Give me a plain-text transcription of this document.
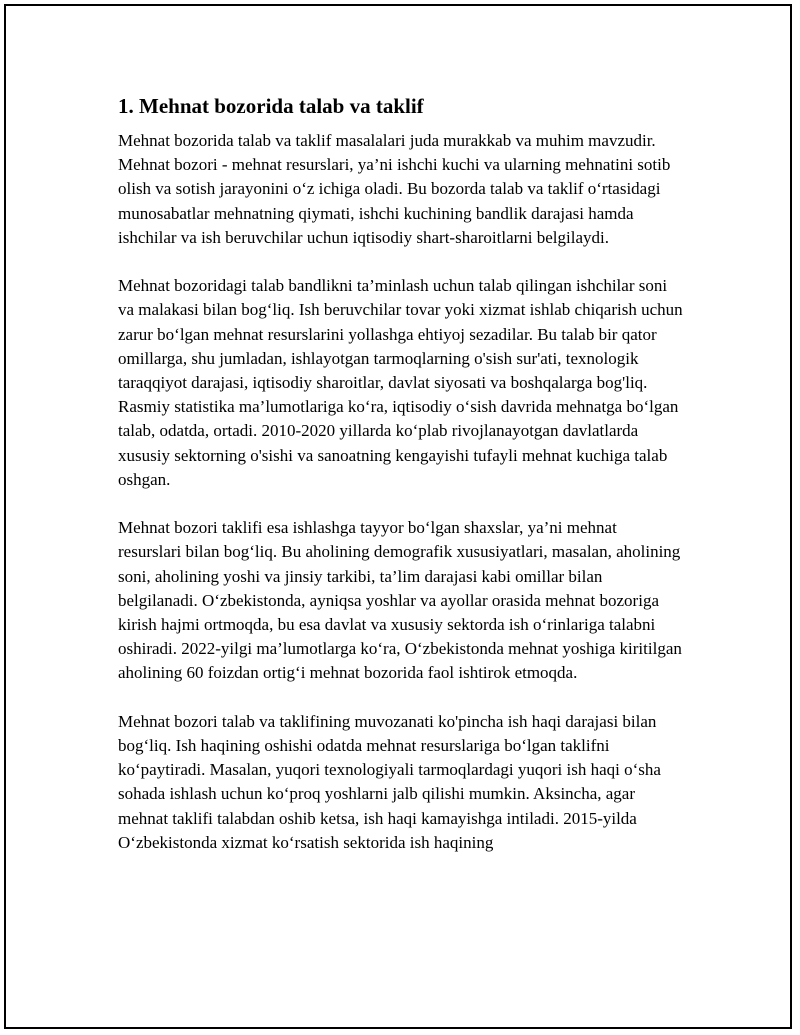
1. Mehnat bozorida talab va taklif

Mehnat bozorida talab va taklif masalalari juda murakkab va muhim mavzudir. Mehnat bozori - mehnat resurslari, ya’ni ishchi kuchi va ularning mehnatini sotib olish va sotish jarayonini o‘z ichiga oladi. Bu bozorda talab va taklif o‘rtasidagi munosabatlar mehnatning qiymati, ishchi kuchining bandlik darajasi hamda ishchilar va ish beruvchilar uchun iqtisodiy shart-sharoitlarni belgilaydi.

Mehnat bozoridagi talab bandlikni ta’minlash uchun talab qilingan ishchilar soni va malakasi bilan bog‘liq. Ish beruvchilar tovar yoki xizmat ishlab chiqarish uchun zarur bo‘lgan mehnat resurslarini yollashga ehtiyoj sezadilar. Bu talab bir qator omillarga, shu jumladan, ishlayotgan tarmoqlarning o'sish sur'ati, texnologik taraqqiyot darajasi, iqtisodiy sharoitlar, davlat siyosati va boshqalarga bog'liq. Rasmiy statistika ma’lumotlariga ko‘ra, iqtisodiy o‘sish davrida mehnatga bo‘lgan talab, odatda, ortadi. 2010-2020 yillarda ko‘plab rivojlanayotgan davlatlarda xususiy sektorning o'sishi va sanoatning kengayishi tufayli mehnat kuchiga talab oshgan.

Mehnat bozori taklifi esa ishlashga tayyor bo‘lgan shaxslar, ya’ni mehnat resurslari bilan bog‘liq. Bu aholining demografik xususiyatlari, masalan, aholining soni, aholining yoshi va jinsiy tarkibi, ta’lim darajasi kabi omillar bilan belgilanadi. O‘zbekistonda, ayniqsa yoshlar va ayollar orasida mehnat bozoriga kirish hajmi ortmoqda, bu esa davlat va xususiy sektorda ish o‘rinlariga talabni oshiradi. 2022-yilgi ma’lumotlarga ko‘ra, O‘zbekistonda mehnat yoshiga kiritilgan aholining 60 foizdan ortig‘i mehnat bozorida faol ishtirok etmoqda.

Mehnat bozori talab va taklifining muvozanati ko'pincha ish haqi darajasi bilan bog‘liq. Ish haqining oshishi odatda mehnat resurslariga bo‘lgan taklifni ko‘paytiradi. Masalan, yuqori texnologiyali tarmoqlardagi yuqori ish haqi o‘sha sohada ishlash uchun ko‘proq yoshlarni jalb qilishi mumkin. Aksincha, agar mehnat taklifi talabdan oshib ketsa, ish haqi kamayishga intiladi. 2015-yilda O‘zbekistonda xizmat ko‘rsatish sektorida ish haqining
